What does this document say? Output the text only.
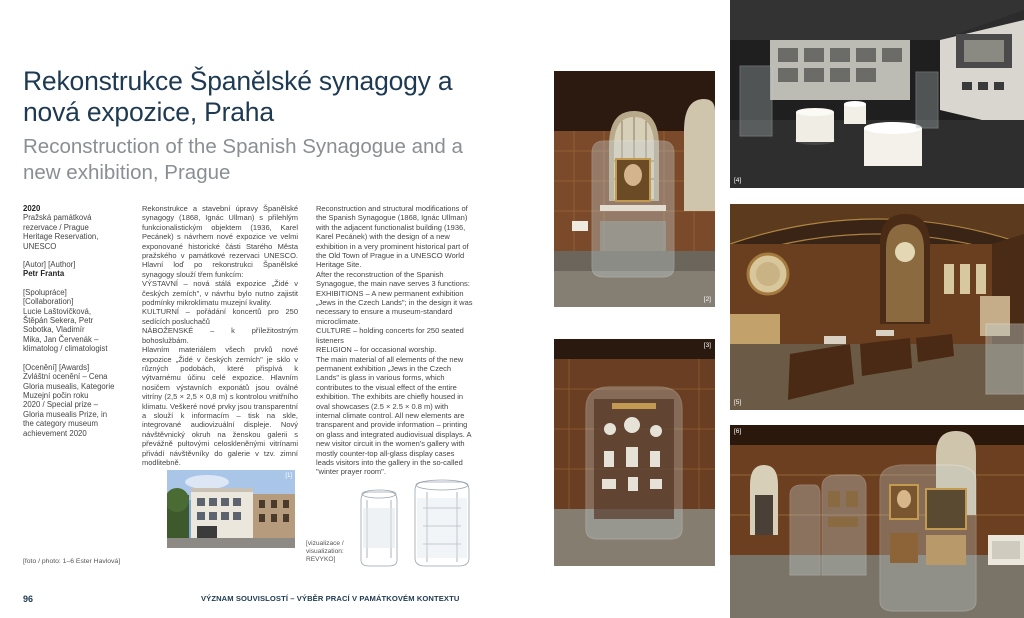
Rekonstrukce Španělské synagogy a nová expozice, Praha
Reconstruction of the Spanish Synagogue and a new exhibition, Prague
2020
Pražská památková
rezervace / Prague
Heritage Reservation,
UNESCO
[Autor] [Author]
Petr Franta
[Spolupráce]
[Collaboration]
Lucie Laštovičková,
Štěpán Sekera, Petr
Sobotka, Vladimír
Mika, Jan Červenák –
klimatolog / climatologist
[Ocenění] [Awards]
Zvláštní ocenění – Cena
Gloria musealis, Kategorie
Muzejní počin roku
2020 / Special prize –
Gloria musealis Prize, in
the category museum
achievement 2020
[foto / photo: 1–6 Ester Havlová]

Rekonstrukce a stavební úpravy Španělské synagogy (1868, Ignác Ullman) s přilehlým funkcionalistickým objektem (1936, Karel Pecánek) s návrhem nové expozice ve velmi exponované historické části Starého Města pražského v památkové rezervaci UNESCO. Hlavní loď po rekonstrukci Španělské synagogy slouží třem funkcím:

VÝSTAVNÍ – nová stálá expozice „Židé v českých zemích", v návrhu bylo nutno zajistit podmínky mikroklimatu muzejní kvality.

KULTURNÍ – pořádání koncertů pro 250 sedících posluchačů

NÁBOŽENSKÉ – k příležitostným bohoslužbám.

Hlavním materiálem všech prvků nové expozice „Židé v českých zemích" je sklo v různých podobách, které přispívá k výtvarnému účinu celé expozice. Hlavním nosičem výstavních exponátů jsou oválné vitríny (2,5 × 2,5 × 0,8 m) s kontrolou vnitřního klimatu. Veškeré nové prvky jsou transparentní a slouží k informacím – tisk na skle, integrované audiovizuální displeje. Nový návštěvnický okruh na ženskou galerii s převážně pultovými celoskleněnými vitrínami přivádí návštěvníky do galerie v tzv. zimní modlitebně.

Reconstruction and structural modifications of the Spanish Synagogue (1868, Ignác Ullman) with the adjacent functionalist building (1936, Karel Pecánek) with the design of a new exhibition in a very prominent historical part of the Old Town of Prague in a UNESCO World Heritage Site.

After the reconstruction of the Spanish Synagogue, the main nave serves 3 functions:

EXHIBITIONS – A new permanent exhibition „Jews in the Czech Lands"; in the design it was necessary to ensure a museum-standard microclimate.

CULTURE – holding concerts for 250 seated listeners

RELIGION – for occasional worship.

The main material of all elements of the new permanent exhibition „Jews in the Czech Lands" is glass in various forms, which contributes to the visual effect of the entire exhibition. The exhibits are chiefly housed in oval showcases (2.5 × 2.5 × 0.8 m) with internal climate control. All new elements are transparent and provide information – printing on glass and integrated audiovisual displays. A new visitor circuit in the women's gallery with mostly counter-top all-glass display cases leads visitors into the gallery in the so-called "winter prayer room".

[1]
[vizualizace /
visualization:
REVYKO]
96	VÝZNAM SOUVISLOSTÍ – VÝBĚR PRACÍ V PAMÁTKOVÉM KONTEXTU
[2]
[3]
[4]
[5]
[6]
